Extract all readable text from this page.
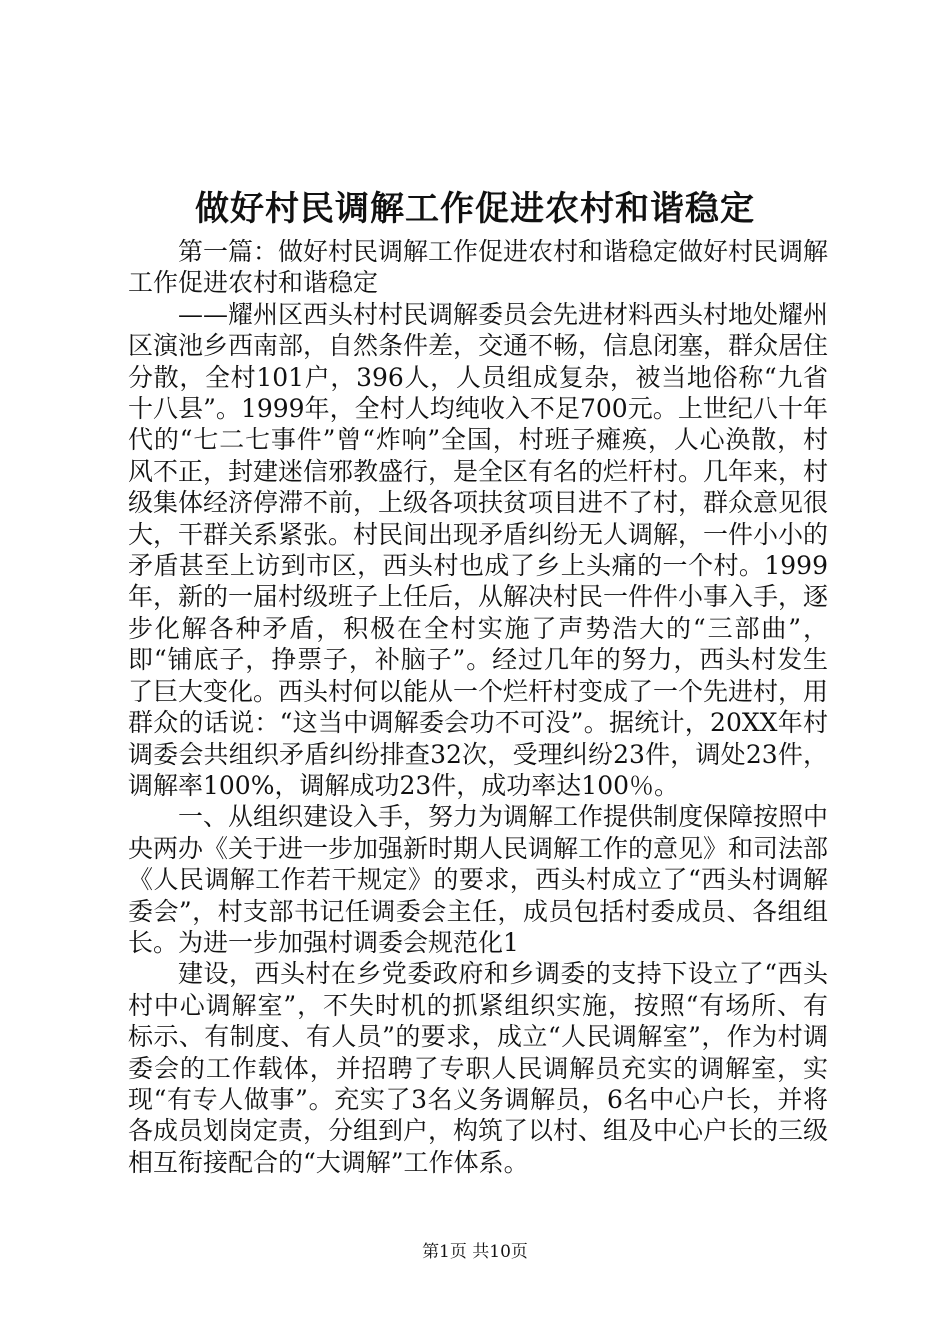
做好村民调解工作促进农村和谐稳定

第一篇：做好村民调解工作促进农村和谐稳定做好村民调解工作促进农村和谐稳定

——耀州区西头村村民调解委员会先进材料西头村地处耀州区演池乡西南部，自然条件差，交通不畅，信息闭塞，群众居住分散，全村101户，396人，人员组成复杂，被当地俗称“九省十八县”。1999年，全村人均纯收入不足700元。上世纪八十年代的“七二七事件”曾“炸响”全国，村班子瘫痪，人心涣散，村风不正，封建迷信邪教盛行，是全区有名的烂杆村。几年来，村级集体经济停滞不前，上级各项扶贫项目进不了村，群众意见很大，干群关系紧张。村民间出现矛盾纠纷无人调解，一件小小的矛盾甚至上访到市区，西头村也成了乡上头痛的一个村。1999年，新的一届村级班子上任后，从解决村民一件件小事入手，逐步化解各种矛盾，积极在全村实施了声势浩大的“三部曲”，即“铺底子，挣票子，补脑子”。经过几年的努力，西头村发生了巨大变化。西头村何以能从一个烂杆村变成了一个先进村，用群众的话说：“这当中调解委会功不可没”。据统计，20XX年村调委会共组织矛盾纠纷排查32次，受理纠纷23件，调处23件，调解率100%，调解成功23件，成功率达100％。

一、从组织建设入手，努力为调解工作提供制度保障按照中央两办《关于进一步加强新时期人民调解工作的意见》和司法部《人民调解工作若干规定》的要求，西头村成立了“西头村调解委会”，村支部书记任调委会主任，成员包括村委成员、各组组长。为进一步加强村调委会规范化1

建设，西头村在乡党委政府和乡调委的支持下设立了“西头村中心调解室”，不失时机的抓紧组织实施，按照“有场所、有标示、有制度、有人员”的要求，成立“人民调解室”，作为村调委会的工作载体，并招聘了专职人民调解员充实的调解室，实现“有专人做事”。充实了3名义务调解员，6名中心户长，并将各成员划岗定责，分组到户，构筑了以村、组及中心户长的三级相互衔接配合的“大调解”工作体系。

第1页 共10页
